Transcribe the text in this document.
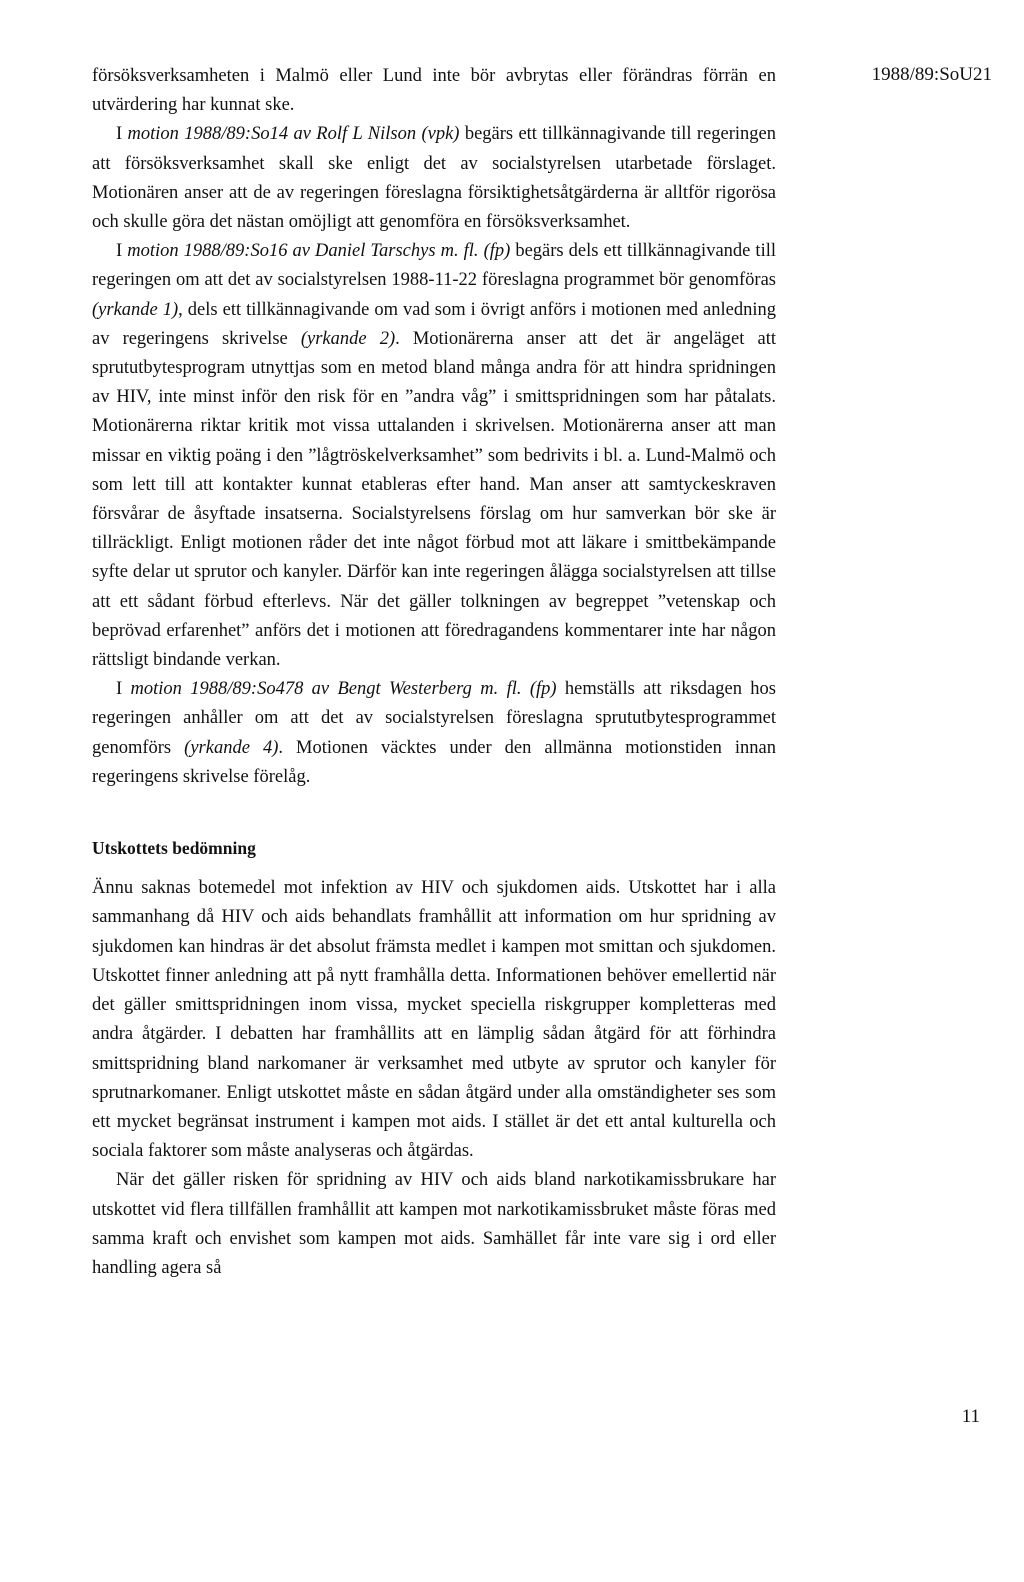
1988/89:SoU21

försöksverksamheten i Malmö eller Lund inte bör avbrytas eller förändras förrän en utvärdering har kunnat ske.

I motion 1988/89:So14 av Rolf L Nilson (vpk) begärs ett tillkännagivande till regeringen att försöksverksamhet skall ske enligt det av socialstyrelsen utarbetade förslaget. Motionären anser att de av regeringen föreslagna försiktighetsåtgärderna är alltför rigorösa och skulle göra det nästan omöjligt att genomföra en försöksverksamhet.

I motion 1988/89:So16 av Daniel Tarschys m. fl. (fp) begärs dels ett tillkännagivande till regeringen om att det av socialstyrelsen 1988-11-22 föreslagna programmet bör genomföras (yrkande 1), dels ett tillkännagivande om vad som i övrigt anförs i motionen med anledning av regeringens skrivelse (yrkande 2). Motionärerna anser att det är angeläget att sprututbytesprogram utnyttjas som en metod bland många andra för att hindra spridningen av HIV, inte minst inför den risk för en ”andra våg” i smittspridningen som har påtalats. Motionärerna riktar kritik mot vissa uttalanden i skrivelsen. Motionärerna anser att man missar en viktig poäng i den ”lågtröskelverksamhet” som bedrivits i bl. a. Lund-Malmö och som lett till att kontakter kunnat etableras efter hand. Man anser att samtyckeskraven försvårar de åsyftade insatserna. Socialstyrelsens förslag om hur samverkan bör ske är tillräckligt. Enligt motionen råder det inte något förbud mot att läkare i smittbekämpande syfte delar ut sprutor och kanyler. Därför kan inte regeringen ålägga socialstyrelsen att tillse att ett sådant förbud efterlevs. När det gäller tolkningen av begreppet ”vetenskap och beprövad erfarenhet” anförs det i motionen att föredragandens kommentarer inte har någon rättsligt bindande verkan.

I motion 1988/89:So478 av Bengt Westerberg m. fl. (fp) hemställs att riksdagen hos regeringen anhåller om att det av socialstyrelsen föreslagna sprututbytesprogrammet genomförs (yrkande 4). Motionen väcktes under den allmänna motionstiden innan regeringens skrivelse förelåg.

Utskottets bedömning

Ännu saknas botemedel mot infektion av HIV och sjukdomen aids. Utskottet har i alla sammanhang då HIV och aids behandlats framhållit att information om hur spridning av sjukdomen kan hindras är det absolut främsta medlet i kampen mot smittan och sjukdomen. Utskottet finner anledning att på nytt framhålla detta. Informationen behöver emellertid när det gäller smittspridningen inom vissa, mycket speciella riskgrupper kompletteras med andra åtgärder. I debatten har framhållits att en lämplig sådan åtgärd för att förhindra smittspridning bland narkomaner är verksamhet med utbyte av sprutor och kanyler för sprutnarkomaner. Enligt utskottet måste en sådan åtgärd under alla omständigheter ses som ett mycket begränsat instrument i kampen mot aids. I stället är det ett antal kulturella och sociala faktorer som måste analyseras och åtgärdas.

När det gäller risken för spridning av HIV och aids bland narkotikamissbrukare har utskottet vid flera tillfällen framhållit att kampen mot narkotikamissbruket måste föras med samma kraft och envishet som kampen mot aids. Samhället får inte vare sig i ord eller handling agera så

11
